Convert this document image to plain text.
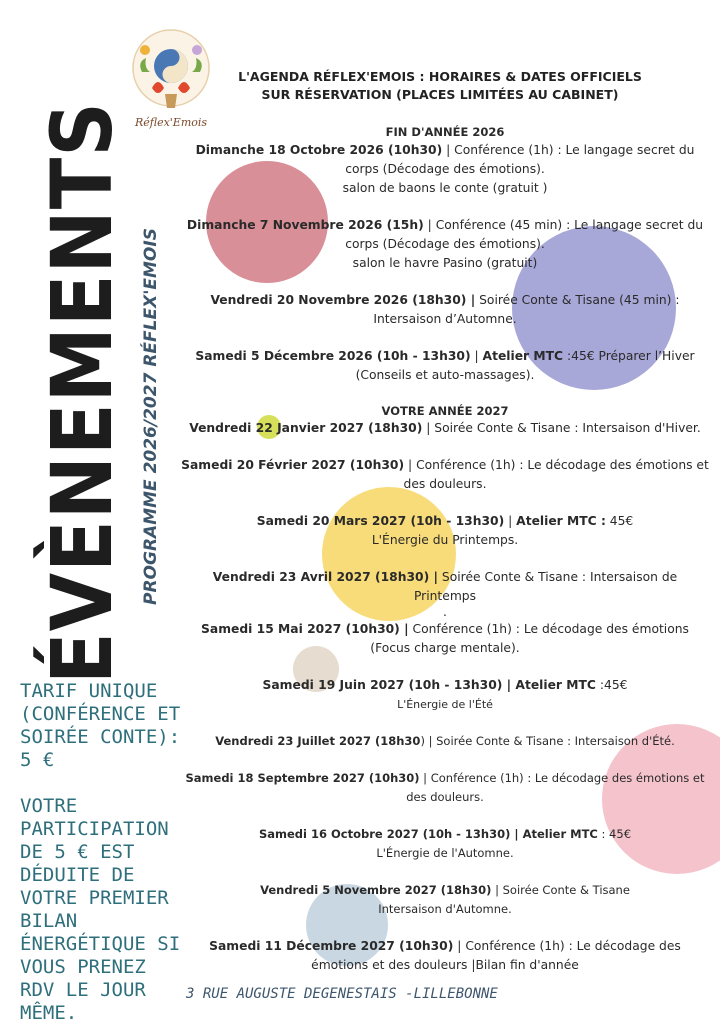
Réflex'Emois
L'AGENDA RÉFLEX'EMOIS : HORAIRES & DATES OFFICIELS
SUR RÉSERVATION (PLACES LIMITÉES AU CABINET)
ÉVÈNEMENTS PROGRAMME 2026/2027 RÉFLEX'EMOIS
TARIF UNIQUE (CONFÉRENCE ET SOIRÉE CONTE): 5 €
VOTRE PARTICIPATION DE 5 € EST DÉDUITE DE VOTRE PREMIER BILAN ÉNERGÉTIQUE SI VOUS PRENEZ RDV LE JOUR MÊME.

FIN D'ANNÉE 2026

Dimanche 18 Octobre 2026 (10h30) | Conférence (1h) : Le langage secret du

corps (Décodage des émotions).

salon de baons le conte (gratuit )

Dimanche 7 Novembre 2026 (15h) | Conférence (45 min) : Le langage secret du

corps (Décodage des émotions).

salon le havre Pasino (gratuit)

Vendredi 20 Novembre 2026 (18h30) | Soirée Conte & Tisane (45 min) :

Intersaison d’Automne.

Samedi 5 Décembre 2026 (10h - 13h30) | Atelier MTC :45€ Préparer l’Hiver

(Conseils et auto-massages).

VOTRE ANNÉE 2027

Vendredi 22 Janvier 2027 (18h30) | Soirée Conte & Tisane : Intersaison d'Hiver.

Samedi 20 Février 2027 (10h30) | Conférence (1h) : Le décodage des émotions et

des douleurs.

Samedi 20 Mars 2027 (10h - 13h30) | Atelier MTC : 45€

L'Énergie du Printemps.

Vendredi 23 Avril 2027 (18h30) | Soirée Conte & Tisane : Intersaison de

Printemps

.

Samedi 15 Mai 2027 (10h30) | Conférence (1h) : Le décodage des émotions

(Focus charge mentale).

Samedi 19 Juin 2027 (10h - 13h30) | Atelier MTC :45€

L'Énergie de l'Été

Vendredi 23 Juillet 2027 (18h30) | Soirée Conte & Tisane : Intersaison d'Été.

Samedi 18 Septembre 2027 (10h30) | Conférence (1h) : Le décodage des émotions et

des douleurs.

Samedi 16 Octobre 2027 (10h - 13h30) | Atelier MTC : 45€

L'Énergie de l'Automne.

Vendredi 5 Novembre 2027 (18h30) | Soirée Conte & Tisane

Intersaison d'Automne.

Samedi 11 Décembre 2027 (10h30) | Conférence (1h) : Le décodage des

émotions et des douleurs |Bilan fin d'année

3 RUE AUGUSTE DEGENESTAIS -LILLEBONNE
